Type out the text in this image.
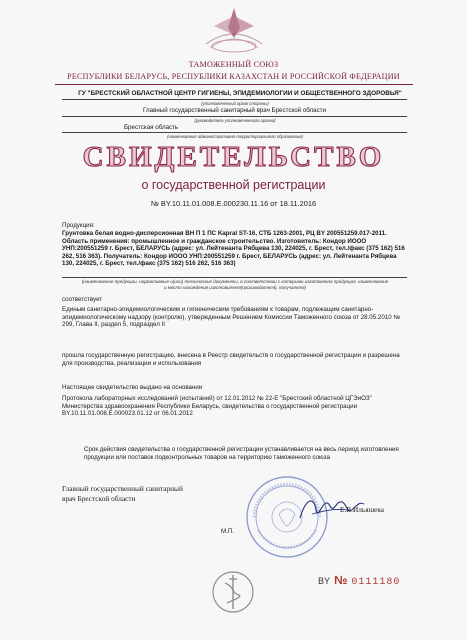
ТАМОЖЕННЫЙ СОЮЗ
РЕСПУБЛИКИ БЕЛАРУСЬ, РЕСПУБЛИКИ КАЗАХСТАН И РОССИЙСКОЙ ФЕДЕРАЦИИ
ГУ "БРЕСТСКИЙ ОБЛАСТНОЙ ЦЕНТР ГИГИЕНЫ, ЭПИДЕМИОЛОГИИ И ОБЩЕСТВЕННОГО ЗДОРОВЬЯ"
(уполномоченный орган стороны)
Главный государственный санитарный врач Брестской области
(руководитель уполномоченного органа)
Брестская область
(наименование административно-территориального образования)
СВИДЕТЕЛЬСТВО
о государственной регистрации
№ BY.10.11.01.008.Е.000230.11.16 от 18.11.2016
Продукция:
Грунтовка белая водно-дисперсионная ВН П 1 ПС Kapral ST-16, СТБ 1263-2001, РЦ BY 200551259.017-2011. Область применения: промышленное и гражданское строительство. Изготовитель: Кондор ИООО УНП:200551259 г. Брест, БЕЛАРУСЬ (адрес: ул. Лейтенанта Рябцева 130, 224025, г. Брест, тел./факс (375 162) 516 262, 516 363). Получатель: Кондор ИООО УНП:200551259 г. Брест, БЕЛАРУСЬ (адрес: ул. Лейтенанта Рябцева 130, 224025, г. Брест, тел./факс (375 162) 516 262, 516 363)
(наименование продукции, нормативные и(или) технические документы, в соответствии с которыми изготовлена продукция, наименование и место нахождения изготовителя(производителя), получателя)
соответствует
Единым санитарно-эпидемиологическим и гигиеническим требованиям к товарам, подлежащим санитарно-эпидемиологическому надзору (контролю), утвержденным Решением Комиссии Таможенного союза от 28.05.2010 № 299, Глава II, раздел 5, подраздел II
прошла государственную регистрацию, внесена в Реестр свидетельств о государственной регистрации и разрешена для производства, реализации и использования
Настоящее свидетельство выдано на основании
Протокола лабораторных исследований (испытаний) от 12.01.2012 № 22-Е "Брестский областной ЦГЭиОЗ" Министерства здравоохранения Республики Беларусь, свидетельства о государственной регистрации BY.10.11.01.008.Е.000023.01.12 от 06.01.2012
Срок действия свидетельства о государственной регистрации устанавливается на весь период изготовления продукции или поставок подконтрольных товаров на территорию таможенного союза
Главный государственный санитарный
врач Брестской области
Е.В.Ильяшева
М.П.
BY № 0111180
